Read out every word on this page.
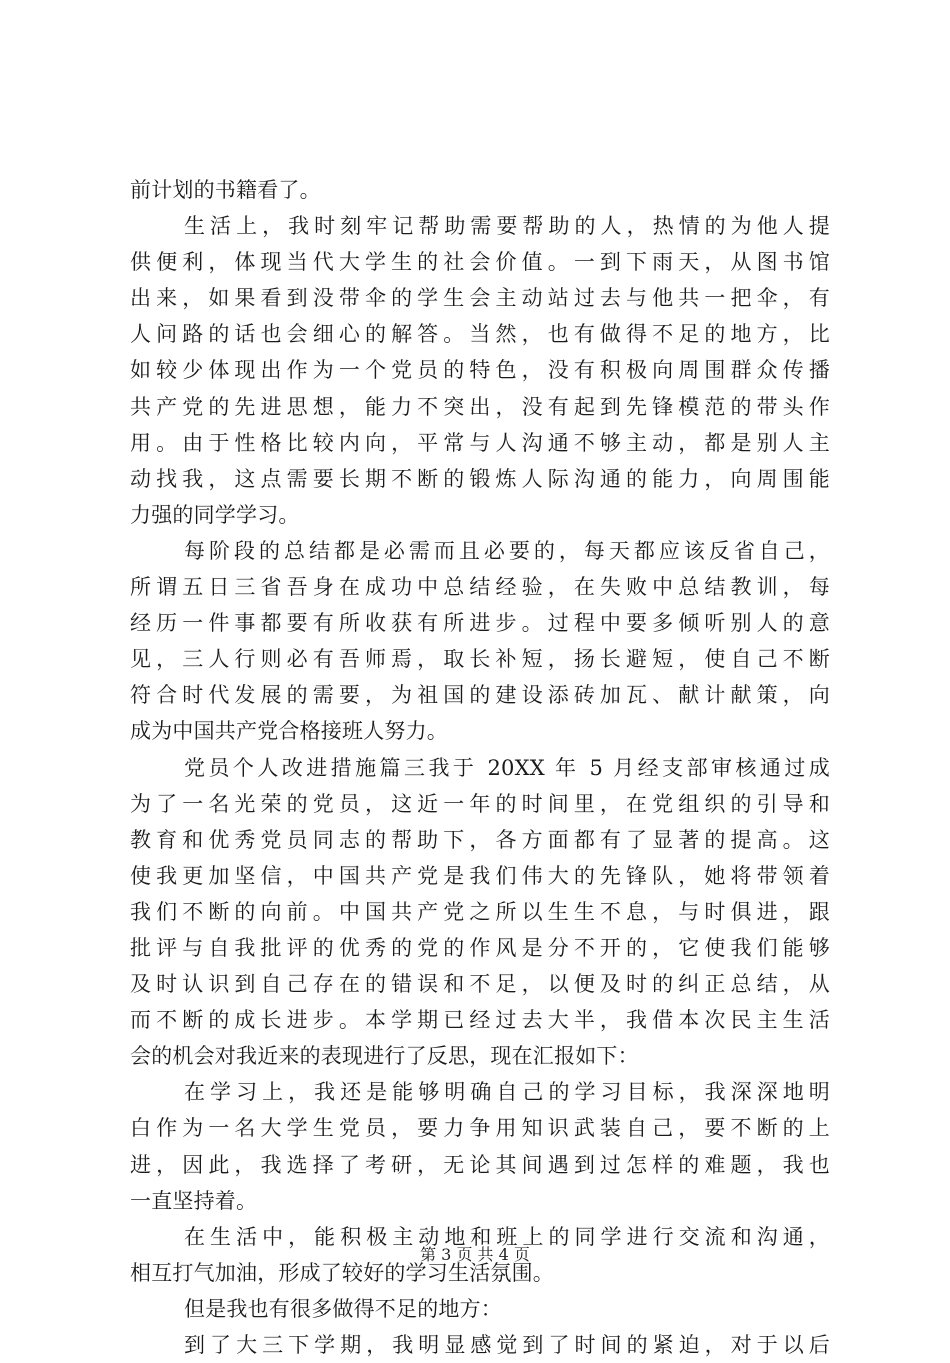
前计划的书籍看了。
生活上，我时刻牢记帮助需要帮助的人，热情的为他人提
供便利，体现当代大学生的社会价值。一到下雨天，从图书馆
出来，如果看到没带伞的学生会主动站过去与他共一把伞，有
人问路的话也会细心的解答。当然，也有做得不足的地方，比
如较少体现出作为一个党员的特色，没有积极向周围群众传播
共产党的先进思想，能力不突出，没有起到先锋模范的带头作
用。由于性格比较内向，平常与人沟通不够主动，都是别人主
动找我，这点需要长期不断的锻炼人际沟通的能力，向周围能
力强的同学学习。
每阶段的总结都是必需而且必要的，每天都应该反省自己，
所谓五日三省吾身在成功中总结经验，在失败中总结教训，每
经历一件事都要有所收获有所进步。过程中要多倾听别人的意
见，三人行则必有吾师焉，取长补短，扬长避短，使自己不断
符合时代发展的需要，为祖国的建设添砖加瓦、献计献策，向
成为中国共产党合格接班人努力。
党员个人改进措施篇三我于 20XX 年 5 月经支部审核通过成
为了一名光荣的党员，这近一年的时间里，在党组织的引导和
教育和优秀党员同志的帮助下，各方面都有了显著的提高。这
使我更加坚信，中国共产党是我们伟大的先锋队，她将带领着
我们不断的向前。中国共产党之所以生生不息，与时俱进，跟
批评与自我批评的优秀的党的作风是分不开的，它使我们能够
及时认识到自己存在的错误和不足，以便及时的纠正总结，从
而不断的成长进步。本学期已经过去大半，我借本次民主生活
会的机会对我近来的表现进行了反思，现在汇报如下：
在学习上，我还是能够明确自己的学习目标，我深深地明
白作为一名大学生党员，要力争用知识武装自己，要不断的上
进，因此，我选择了考研，无论其间遇到过怎样的难题，我也
一直坚持着。
在生活中，能积极主动地和班上的同学进行交流和沟通，
相互打气加油，形成了较好的学习生活氛围。
但是我也有很多做得不足的地方：
到了大三下学期，我明显感觉到了时间的紧迫，对于以后
第 3 页 共 4 页
